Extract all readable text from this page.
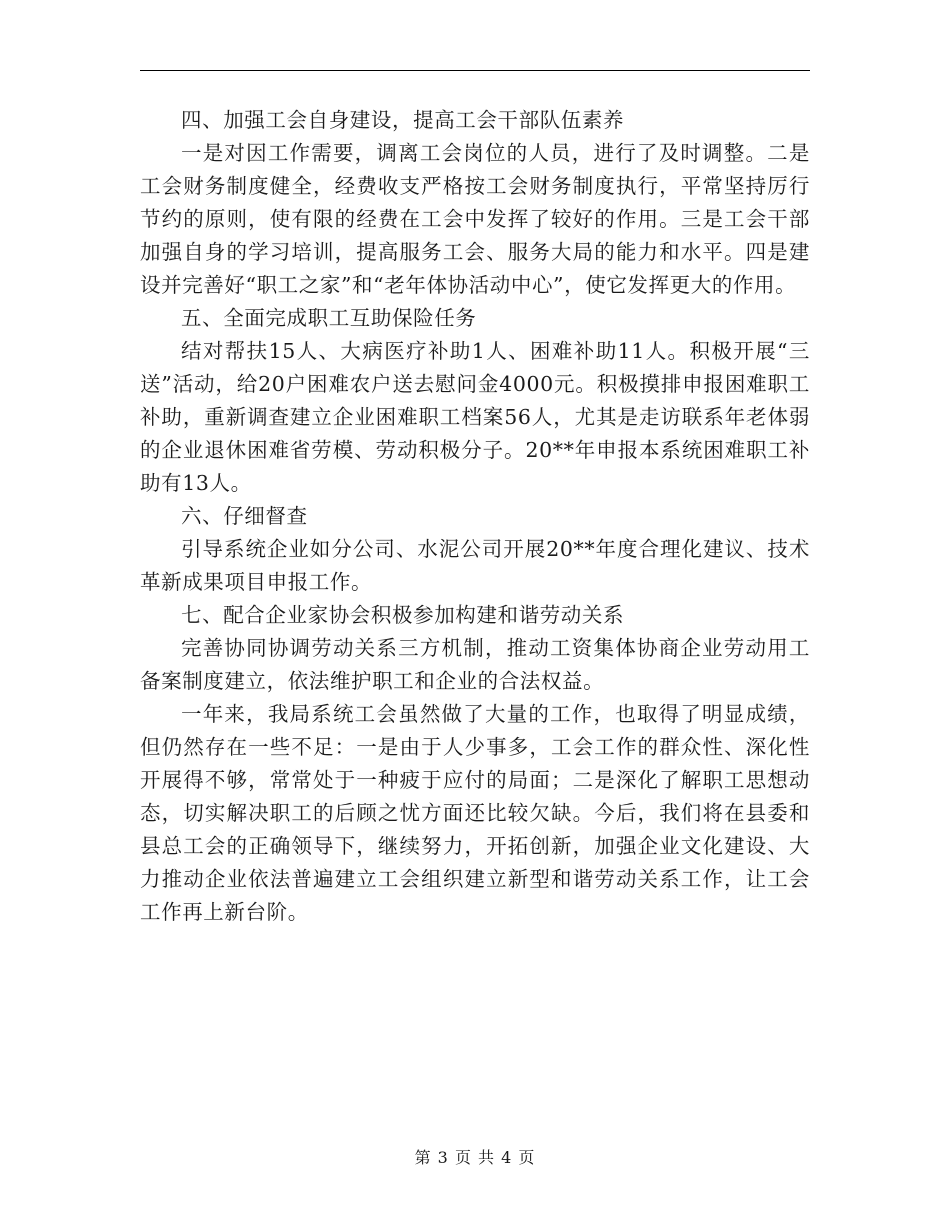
四、加强工会自身建设，提高工会干部队伍素养

一是对因工作需要，调离工会岗位的人员，进行了及时调整。二是工会财务制度健全，经费收支严格按工会财务制度执行，平常坚持厉行节约的原则，使有限的经费在工会中发挥了较好的作用。三是工会干部加强自身的学习培训，提高服务工会、服务大局的能力和水平。四是建设并完善好“职工之家”和“老年体协活动中心”，使它发挥更大的作用。

五、全面完成职工互助保险任务

结对帮扶15人、大病医疗补助1人、困难补助11人。积极开展“三送”活动，给20户困难农户送去慰问金4000元。积极摸排申报困难职工补助，重新调查建立企业困难职工档案56人，尤其是走访联系年老体弱的企业退休困难省劳模、劳动积极分子。20**年申报本系统困难职工补助有13人。

六、仔细督查

引导系统企业如分公司、水泥公司开展20**年度合理化建议、技术革新成果项目申报工作。

七、配合企业家协会积极参加构建和谐劳动关系

完善协同协调劳动关系三方机制，推动工资集体协商企业劳动用工备案制度建立，依法维护职工和企业的合法权益。

一年来，我局系统工会虽然做了大量的工作，也取得了明显成绩，但仍然存在一些不足：一是由于人少事多，工会工作的群众性、深化性开展得不够，常常处于一种疲于应付的局面；二是深化了解职工思想动态，切实解决职工的后顾之忧方面还比较欠缺。今后，我们将在县委和县总工会的正确领导下，继续努力，开拓创新，加强企业文化建设、大力推动企业依法普遍建立工会组织建立新型和谐劳动关系工作，让工会工作再上新台阶。

第 3 页 共 4 页
